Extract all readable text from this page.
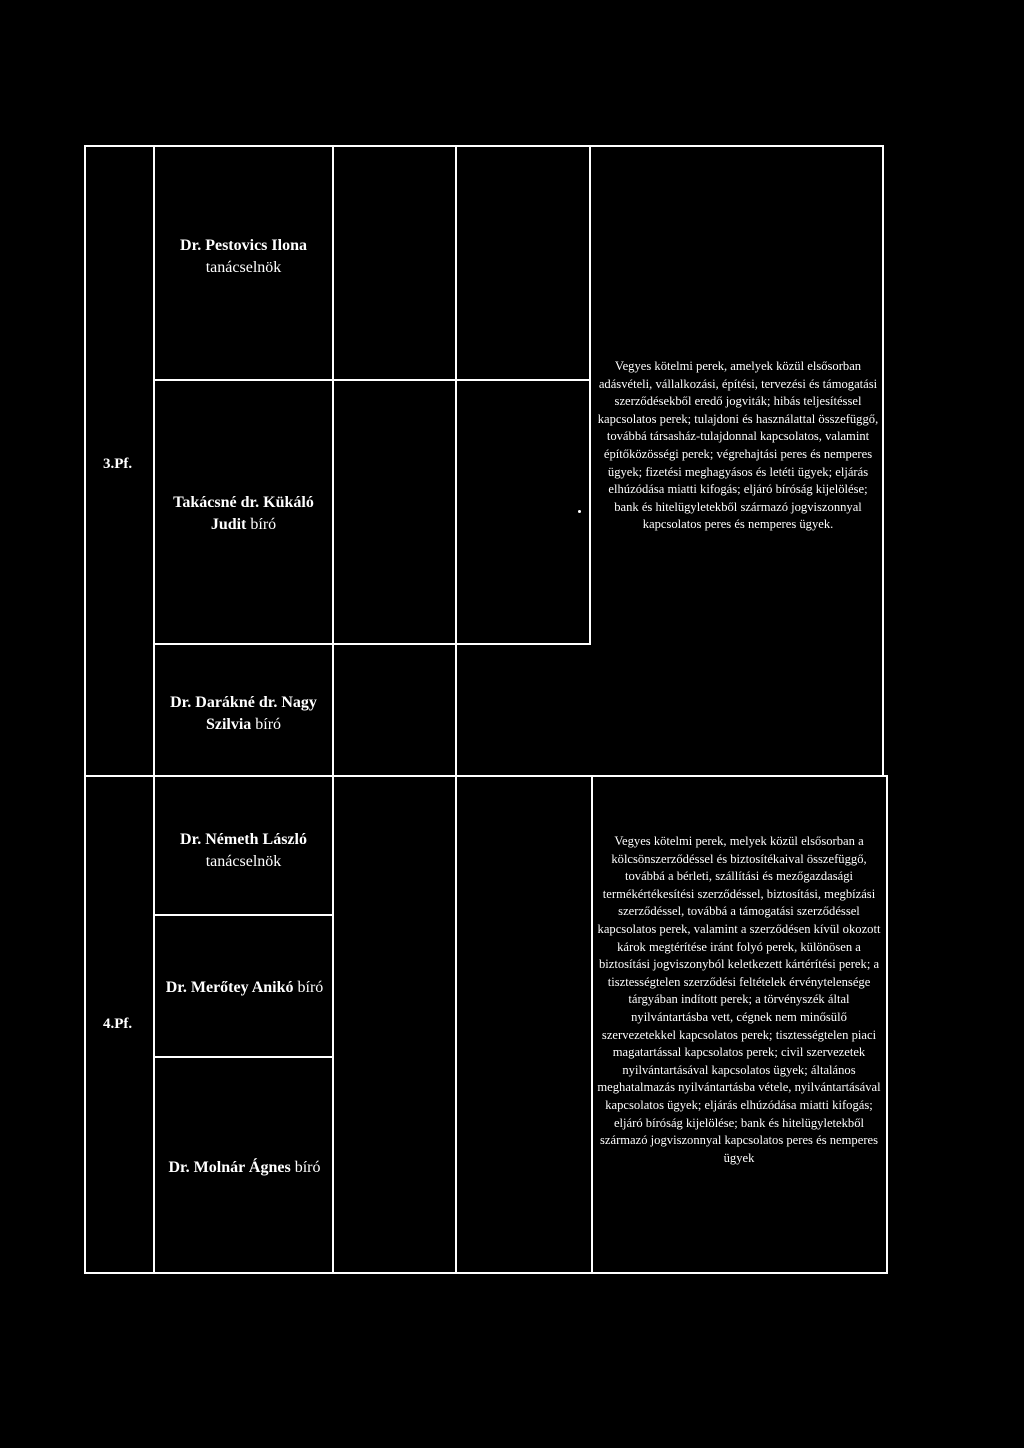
3.Pf.
Dr. Pestovics Ilona
tanácselnök
Takácsné dr. Kükáló
Judit bíró
Dr. Darákné dr. Nagy
Szilvia bíró
Vegyes kötelmi perek, amelyek közül elsősorban adásvételi, vállalkozási, építési, tervezési és támogatási szerződésekből eredő jogviták; hibás teljesítéssel kapcsolatos perek; tulajdoni és használattal összefüggő, továbbá társasház-tulajdonnal kapcsolatos, valamint építőközösségi perek; végrehajtási peres és nemperes ügyek; fizetési meghagyásos és letéti ügyek; eljárás elhúzódása miatti kifogás; eljáró bíróság kijelölése; bank és hitelügyletekből származó jogviszonnyal kapcsolatos peres és nemperes ügyek.
4.Pf.
Dr. Németh László
tanácselnök
Dr. Merőtey Anikó bíró
Dr. Molnár Ágnes bíró
Vegyes kötelmi perek, melyek közül elsősorban a kölcsönszerződéssel és biztosítékaival összefüggő, továbbá a bérleti, szállítási és mezőgazdasági termékértékesítési szerződéssel, biztosítási, megbízási szerződéssel, továbbá a támogatási szerződéssel kapcsolatos perek, valamint a szerződésen kívül okozott károk megtérítése iránt folyó perek, különösen a biztosítási jogviszonyból keletkezett kártérítési perek; a tisztességtelen szerződési feltételek érvénytelensége tárgyában indított perek; a törvényszék által nyilvántartásba vett, cégnek nem minősülő szervezetekkel kapcsolatos perek; tisztességtelen piaci magatartással kapcsolatos perek; civil szervezetek nyilvántartásával kapcsolatos ügyek; általános meghatalmazás nyilvántartásba vétele, nyilvántartásával kapcsolatos ügyek; eljárás elhúzódása miatti kifogás; eljáró bíróság kijelölése; bank és hitelügyletekből származó jogviszonnyal kapcsolatos peres és nemperes ügyek
